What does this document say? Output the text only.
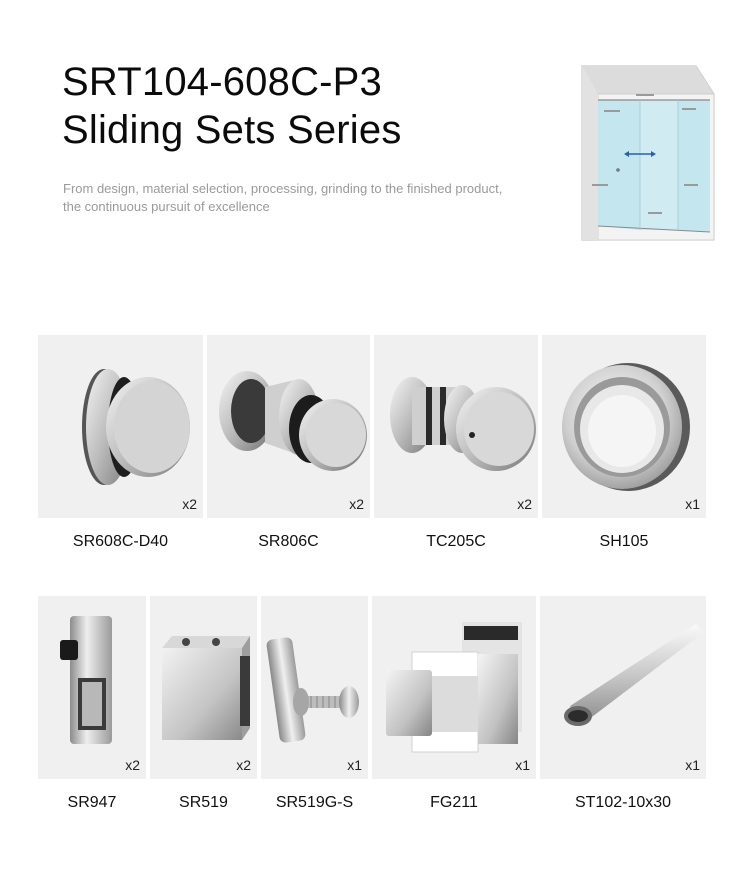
SRT104-608C-P3
Sliding Sets Series
From design, material selection, processing, grinding to the finished product,
the continuous pursuit of excellence
x2	x2	x2	x1
SR608C-D40	SR806C	TC205C	SH105
x2	x2	x1	x1	x1
SR947	SR519	SR519G-S	FG211	ST102-10x30
